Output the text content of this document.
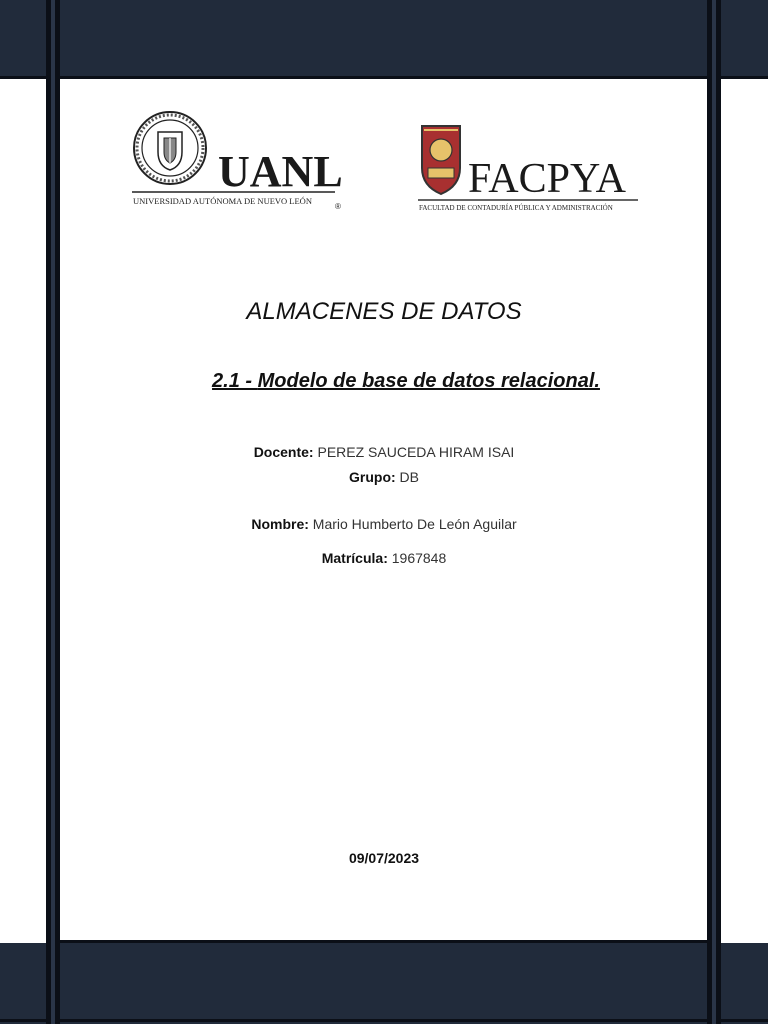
UANL
UNIVERSIDAD AUTÓNOMA DE NUEVO LEÓN
®
FACPYA
FACULTAD DE CONTADURÍA PÚBLICA Y ADMINISTRACIÓN
ALMACENES DE DATOS
2.1 - Modelo de base de datos relacional.
Docente: PEREZ SAUCEDA HIRAM ISAI
Grupo: DB
Nombre: Mario Humberto De León Aguilar
Matrícula: 1967848
09/07/2023
